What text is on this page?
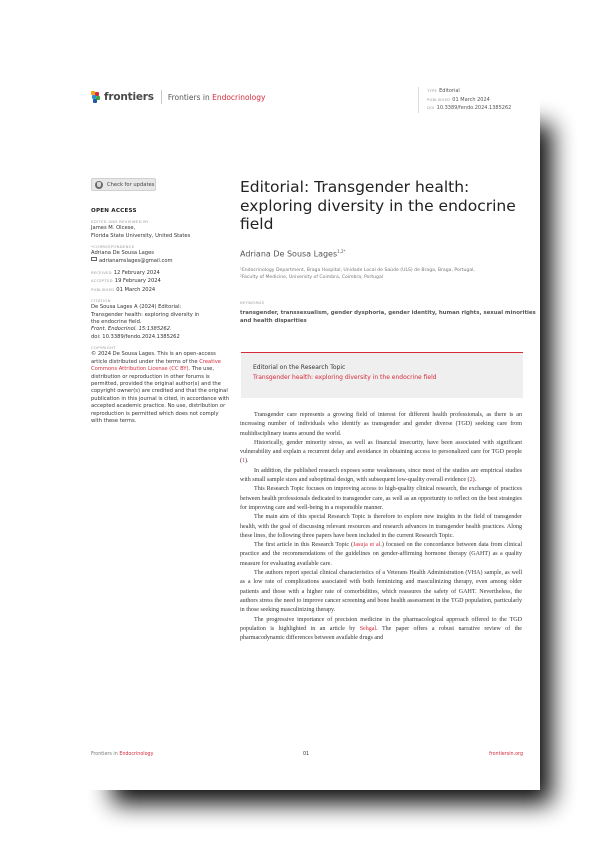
frontiers Frontiers in Endocrinology
TYPE Editorial
PUBLISHED 01 March 2024
DOI 10.3389/fendo.2024.1385262
Check for updates
OPEN ACCESS
EDITED AND REVIEWED BY
James M. Olcese,
Florida State University, United States
*CORRESPONDENCE
Adriana De Sousa Lages
adrianamslages@gmail.com
RECEIVED 12 February 2024
ACCEPTED 19 February 2024
PUBLISHED 01 March 2024
CITATION
De Sousa Lages A (2024) Editorial:
Transgender health: exploring diversity in
the endocrine field.
Front. Endocrinol. 15:1385262.
doi: 10.3389/fendo.2024.1385262
COPYRIGHT
© 2024 De Sousa Lages. This is an open-access article distributed under the terms of the Creative Commons Attribution License (CC BY). The use, distribution or reproduction in other forums is permitted, provided the original author(s) and the copyright owner(s) are credited and that the original publication in this journal is cited, in accordance with accepted academic practice. No use, distribution or reproduction is permitted which does not comply with these terms.
Editorial: Transgender health: exploring diversity in the endocrine field
Adriana De Sousa Lages$^{1,2*}$
¹Endocrinology Department, Braga Hospital, Unidade Local de Saúde (ULS) de Braga, Braga, Portugal,
²Faculty of Medicine, University of Coimbra, Coimbra, Portugal
KEYWORDS
transgender, transsexualism, gender dysphoria, gender identity, human rights, sexual minorities and health disparities
Editorial on the Research Topic
Transgender health: exploring diversity in the endocrine field

Transgender care represents a growing field of interest for different health professionals, as there is an increasing number of individuals who identify as transgender and gender diverse (TGD) seeking care from multidisciplinary teams around the world.

Historically, gender minority stress, as well as financial insecurity, have been associated with significant vulnerability and explain a recurrent delay and avoidance in obtaining access to personalized care for TGD people (1).

In addition, the published research exposes some weaknesses, since most of the studies are empirical studies with small sample sizes and suboptimal design, with subsequent low-quality overall evidence (2).

This Research Topic focuses on improving access to high-quality clinical research, the exchange of practices between health professionals dedicated to transgender care, as well as an opportunity to reflect on the best strategies for improving care and well-being in a responsible manner.

The main aim of this special Research Topic is therefore to explore new insights in the field of transgender health, with the goal of discussing relevant resources and research advances in transgender health practices. Along these lines, the following three papers have been included in the current Research Topic.

The first article in this Research Topic (Jasuja et al.) focused on the concordance between data from clinical practice and the recommendations of the guidelines on gender-affirming hormone therapy (GAHT) as a quality measure for evaluating available care.

The authors report special clinical characteristics of a Veterans Health Administration (VHA) sample, as well as a low rate of complications associated with both feminizing and masculinizing therapy, even among older patients and those with a higher rate of comorbidities, which reassures the safety of GAHT. Nevertheless, the authors stress the need to improve cancer screening and bone health assessment in the TGD population, particularly in those seeking masculinizing therapy.

The progressive importance of precision medicine in the pharmacological approach offered to the TGD population is highlighted in an article by Sehgal. The paper offers a robust narrative review of the pharmacodynamic differences between available drugs and

Frontiers in Endocrinology	01	frontiersin.org
